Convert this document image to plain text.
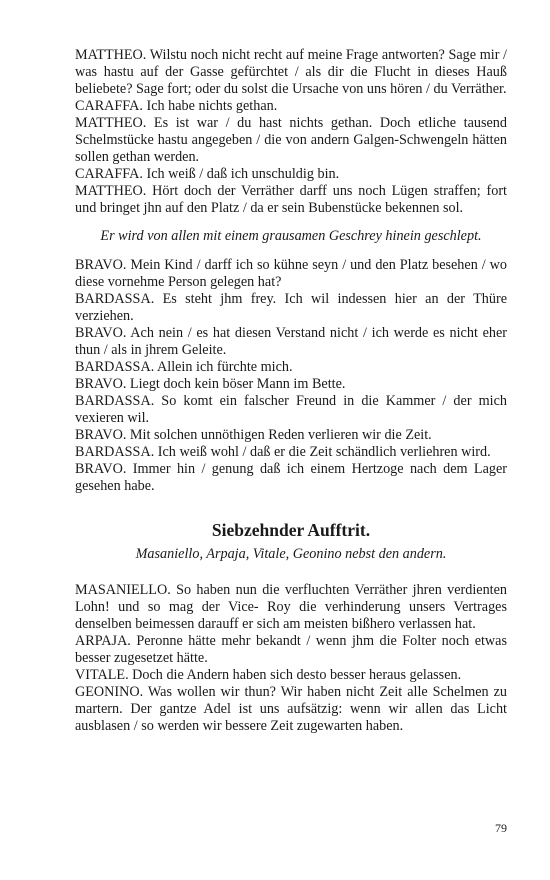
MATTHEO. Wilstu noch nicht recht auf meine Frage antworten? Sage mir / was hastu auf der Gasse gefürchtet / als dir die Flucht in dieses Hauß beliebete? Sage fort; oder du solst die Ursache von uns hören / du Verräther.

CARAFFA. Ich habe nichts gethan.

MATTHEO. Es ist war / du hast nichts gethan. Doch etliche tausend Schelmstücke hastu angegeben / die von andern Galgen-Schwengeln hätten sollen gethan werden.

CARAFFA. Ich weiß / daß ich unschuldig bin.

MATTHEO. Hört doch der Verräther darff uns noch Lügen straffen; fort und bringet jhn auf den Platz / da er sein Bubenstücke bekennen sol.

Er wird von allen mit einem grausamen Geschrey hinein geschlept.

BRAVO. Mein Kind / darff ich so kühne seyn / und den Platz besehen / wo diese vornehme Person gelegen hat?

BARDASSA. Es steht jhm frey. Ich wil indessen hier an der Thüre verziehen.

BRAVO. Ach nein / es hat diesen Verstand nicht / ich werde es nicht eher thun / als in jhrem Geleite.

BARDASSA. Allein ich fürchte mich.

BRAVO. Liegt doch kein böser Mann im Bette.

BARDASSA. So komt ein falscher Freund in die Kammer / der mich vexieren wil.

BRAVO. Mit solchen unnöthigen Reden verlieren wir die Zeit.

BARDASSA. Ich weiß wohl / daß er die Zeit schändlich verliehren wird.

BRAVO. Immer hin / genung daß ich einem Hertzoge nach dem Lager gesehen habe.

Siebzehnder Aufftrit.

Masaniello, Arpaja, Vitale, Geonino nebst den andern.

MASANIELLO. So haben nun die verfluchten Verräther jhren verdienten Lohn! und so mag der Vice- Roy die verhinderung unsers Vertrages denselben beimessen darauff er sich am meisten bißhero verlassen hat.

ARPAJA. Peronne hätte mehr bekandt / wenn jhm die Folter noch etwas besser zugesetzet hätte.

VITALE. Doch die Andern haben sich desto besser heraus gelassen.

GEONINO. Was wollen wir thun? Wir haben nicht Zeit alle Schelmen zu martern. Der gantze Adel ist uns aufsätzig: wenn wir allen das Licht ausblasen / so werden wir bessere Zeit zugewarten haben.

79
